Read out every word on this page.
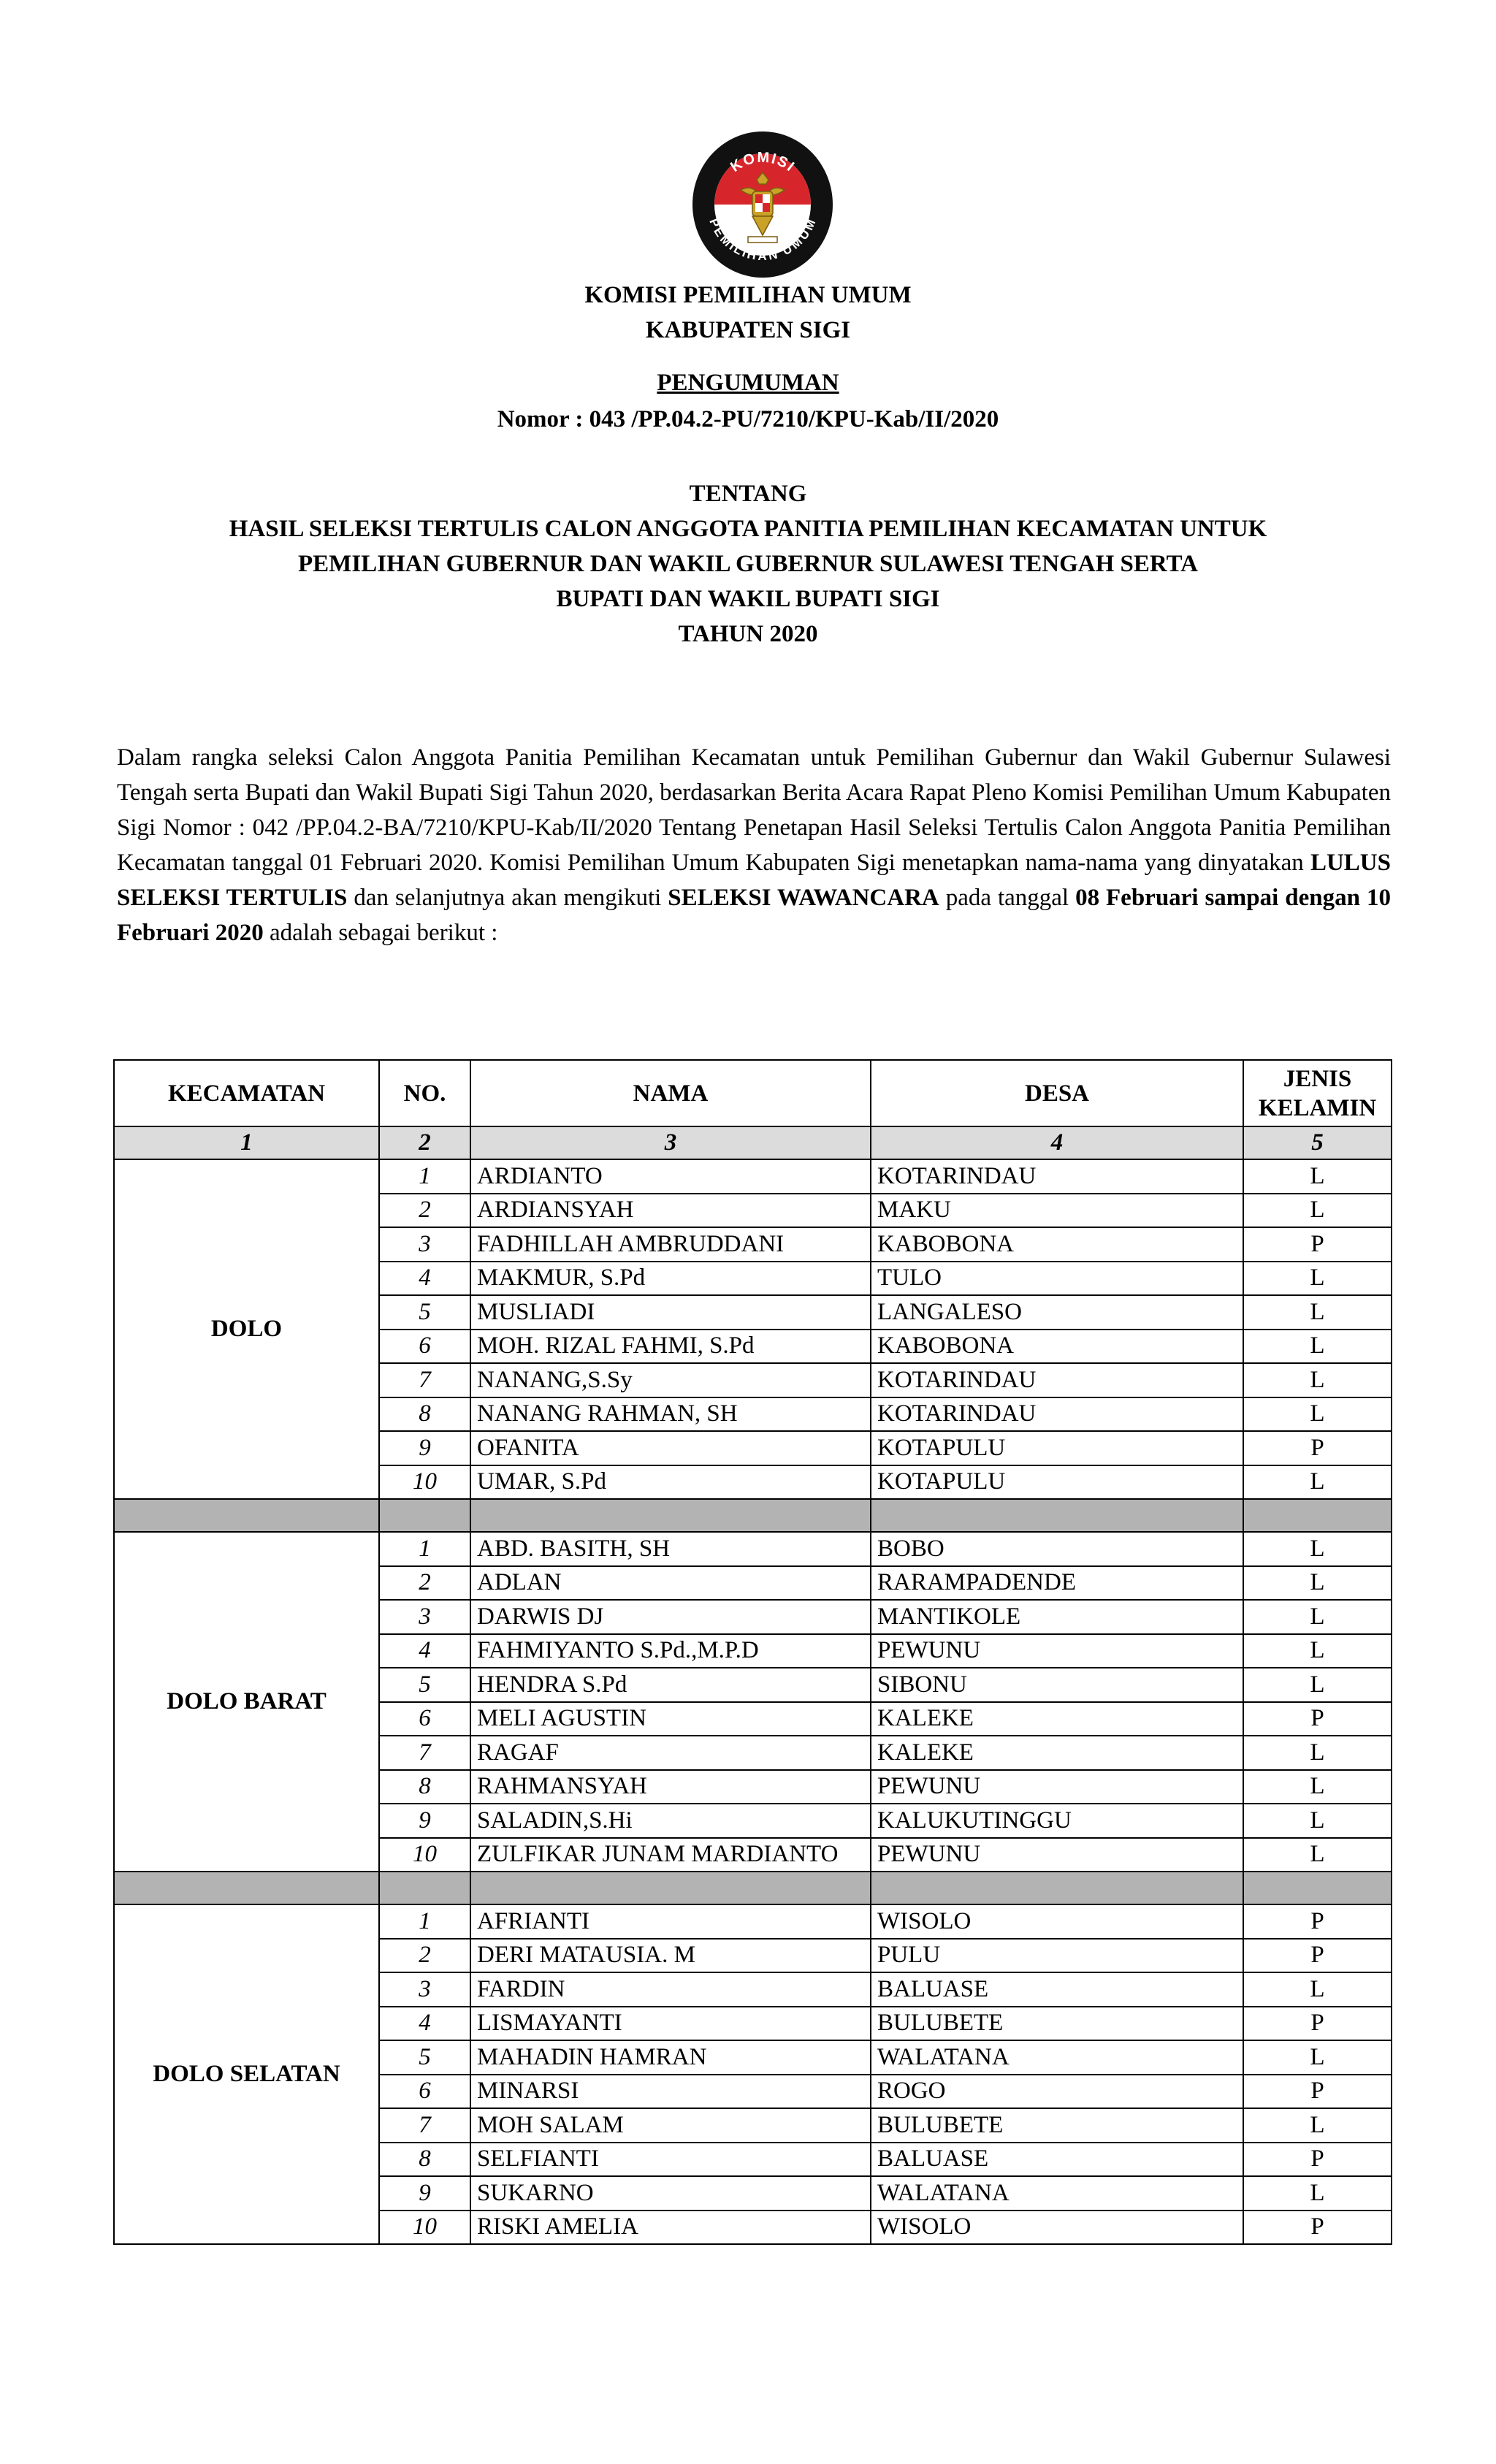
KOMISI
PEMILIHAN UMUM
KOMISI PEMILIHAN UMUM
KABUPATEN SIGI
PENGUMUMAN
Nomor : 043 /PP.04.2-PU/7210/KPU-Kab/II/2020
TENTANG
HASIL SELEKSI TERTULIS CALON ANGGOTA PANITIA PEMILIHAN KECAMATAN UNTUK
PEMILIHAN GUBERNUR DAN WAKIL GUBERNUR SULAWESI TENGAH SERTA
BUPATI DAN WAKIL BUPATI SIGI
TAHUN 2020
Dalam rangka seleksi Calon Anggota Panitia Pemilihan Kecamatan untuk Pemilihan Gubernur dan Wakil Gubernur Sulawesi Tengah serta Bupati dan Wakil Bupati Sigi Tahun 2020, berdasarkan Berita Acara Rapat Pleno Komisi Pemilihan Umum Kabupaten Sigi Nomor : 042 /PP.04.2-BA/7210/KPU-Kab/II/2020 Tentang Penetapan Hasil Seleksi Tertulis Calon Anggota Panitia Pemilihan Kecamatan tanggal 01 Februari 2020. Komisi Pemilihan Umum Kabupaten Sigi menetapkan nama-nama yang dinyatakan LULUS SELEKSI TERTULIS dan selanjutnya akan mengikuti SELEKSI WAWANCARA pada tanggal 08 Februari sampai dengan 10 Februari 2020 adalah sebagai berikut :
KECAMATAN	NO.	NAMA	DESA	JENIS KELAMIN
1	2	3	4	5
DOLO	1	ARDIANTO	KOTARINDAU	L
	2	ARDIANSYAH	MAKU	L
	3	FADHILLAH AMBRUDDANI	KABOBONA	P
	4	MAKMUR, S.Pd	TULO	L
	5	MUSLIADI	LANGALESO	L
	6	MOH. RIZAL FAHMI, S.Pd	KABOBONA	L
	7	NANANG,S.Sy	KOTARINDAU	L
	8	NANANG RAHMAN, SH	KOTARINDAU	L
	9	OFANITA	KOTAPULU	P
	10	UMAR, S.Pd	KOTAPULU	L

DOLO BARAT	1	ABD. BASITH, SH	BOBO	L
	2	ADLAN	RARAMPADENDE	L
	3	DARWIS DJ	MANTIKOLE	L
	4	FAHMIYANTO S.Pd.,M.P.D	PEWUNU	L
	5	HENDRA S.Pd	SIBONU	L
	6	MELI AGUSTIN	KALEKE	P
	7	RAGAF	KALEKE	L
	8	RAHMANSYAH	PEWUNU	L
	9	SALADIN,S.Hi	KALUKUTINGGU	L
	10	ZULFIKAR JUNAM MARDIANTO	PEWUNU	L

DOLO SELATAN	1	AFRIANTI	WISOLO	P
	2	DERI MATAUSIA. M	PULU	P
	3	FARDIN	BALUASE	L
	4	LISMAYANTI	BULUBETE	P
	5	MAHADIN HAMRAN	WALATANA	L
	6	MINARSI	ROGO	P
	7	MOH SALAM	BULUBETE	L
	8	SELFIANTI	BALUASE	P
	9	SUKARNO	WALATANA	L
	10	RISKI AMELIA	WISOLO	P
